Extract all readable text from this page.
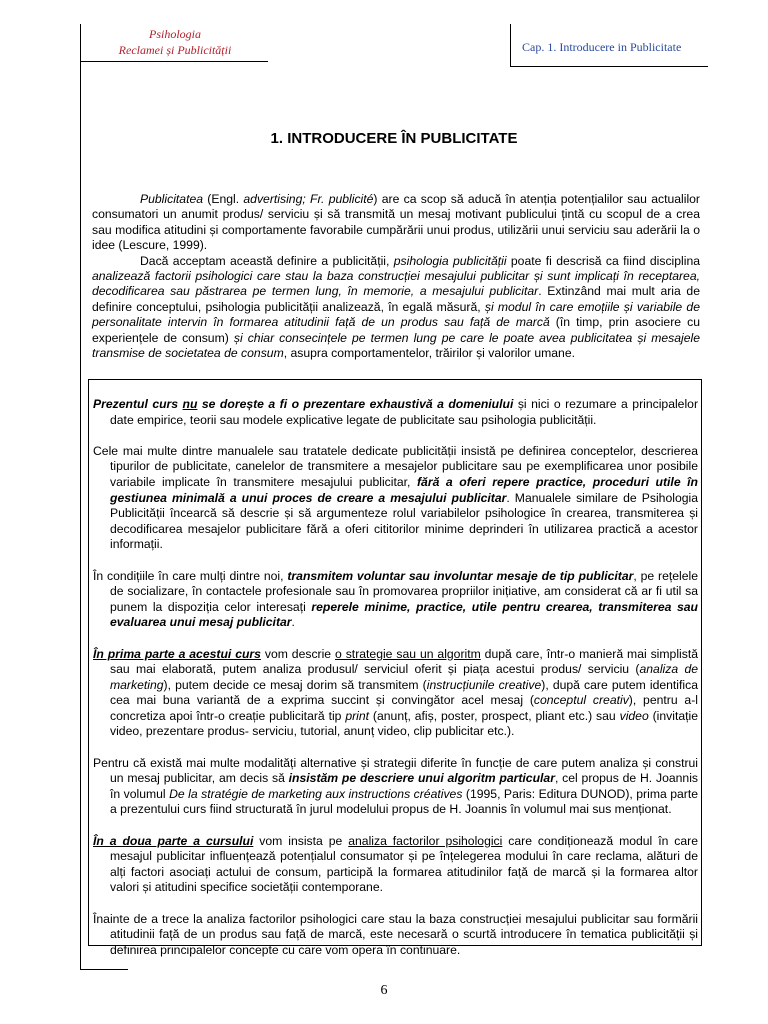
Psihologia
Reclamei și Publicității	Cap. 1. Introducere in Publicitate
1. INTRODUCERE ÎN PUBLICITATE

Publicitatea (Engl. advertising; Fr. publicité) are ca scop să aducă în atenția potențialilor sau actualilor consumatori un anumit produs/ serviciu și să transmită un mesaj motivant publicului țintă cu scopul de a crea sau modifica atitudini și comportamente favorabile cumpărării unui produs, utilizării unui serviciu sau aderării la o idee (Lescure, 1999).

Dacă acceptam această definire a publicității, psihologia publicității poate fi descrisă ca fiind disciplina analizează factorii psihologici care stau la baza construcției mesajului publicitar și sunt implicați în receptarea, decodificarea sau păstrarea pe termen lung, în memorie, a mesajului publicitar. Extinzând mai mult aria de definire conceptului, psihologia publicității analizează, în egală măsură, și modul în care emoțiile și variabile de personalitate intervin în formarea atitudinii față de un produs sau față de marcă (în timp, prin asociere cu experiențele de consum) și chiar consecințele pe termen lung pe care le poate avea publicitatea și mesajele transmise de societatea de consum, asupra comportamentelor, trăirilor și valorilor umane.

Prezentul curs nu se dorește a fi o prezentare exhaustivă a domeniului și nici o rezumare a principalelor date empirice, teorii sau modele explicative legate de publicitate sau psihologia publicității.

Cele mai multe dintre manualele sau tratatele dedicate publicității insistă pe definirea conceptelor, descrierea tipurilor de publicitate, canelelor de transmitere a mesajelor publicitare sau pe exemplificarea unor posibile variabile implicate în transmitere mesajului publicitar, fără a oferi repere practice, proceduri utile în gestiunea minimală a unui proces de creare a mesajului publicitar. Manualele similare de Psihologia Publicității încearcă să descrie și să argumenteze rolul variabilelor psihologice în crearea, transmiterea și decodificarea mesajelor publicitare fără a oferi cititorilor minime deprinderi în utilizarea practică a acestor informații.

În condițiile în care mulți dintre noi, transmitem voluntar sau involuntar mesaje de tip publicitar, pe rețelele de socializare, în contactele profesionale sau în promovarea propriilor inițiative, am considerat că ar fi util sa punem la dispoziția celor interesați reperele minime, practice, utile pentru crearea, transmiterea sau evaluarea unui mesaj publicitar.

În prima parte a acestui curs vom descrie o strategie sau un algoritm după care, într-o manieră mai simplistă sau mai elaborată, putem analiza produsul/ serviciul oferit și piața acestui produs/ serviciu (analiza de marketing), putem decide ce mesaj dorim să transmitem (instrucțiunile creative), după care putem identifica cea mai buna variantă de a exprima succint și convingător acel mesaj (conceptul creativ), pentru a-l concretiza apoi într-o creație publicitară tip print (anunț, afiș, poster, prospect, pliant etc.) sau video (invitație video, prezentare produs- serviciu, tutorial, anunț video, clip publicitar etc.).

Pentru că există mai multe modalități alternative și strategii diferite în funcție de care putem analiza și construi un mesaj publicitar, am decis să insistăm pe descriere unui algoritm particular, cel propus de H. Joannis în volumul De la stratégie de marketing aux instructions créatives (1995, Paris: Editura DUNOD), prima parte a prezentului curs fiind structurată în jurul modelului propus de H. Joannis în volumul mai sus menționat.

În a doua parte a cursului vom insista pe analiza factorilor psihologici care condiționează modul în care mesajul publicitar influențează potențialul consumator și pe înțelegerea modului în care reclama, alături de alți factori asociați actului de consum, participă la formarea atitudinilor față de marcă și la formarea altor valori și atitudini specifice societății contemporane.

Înainte de a trece la analiza factorilor psihologici care stau la baza construcției mesajului publicitar sau formării atitudinii față de un produs sau față de marcă, este necesară o scurtă introducere în tematica publicității și definirea principalelor concepte cu care vom opera în continuare.

6
